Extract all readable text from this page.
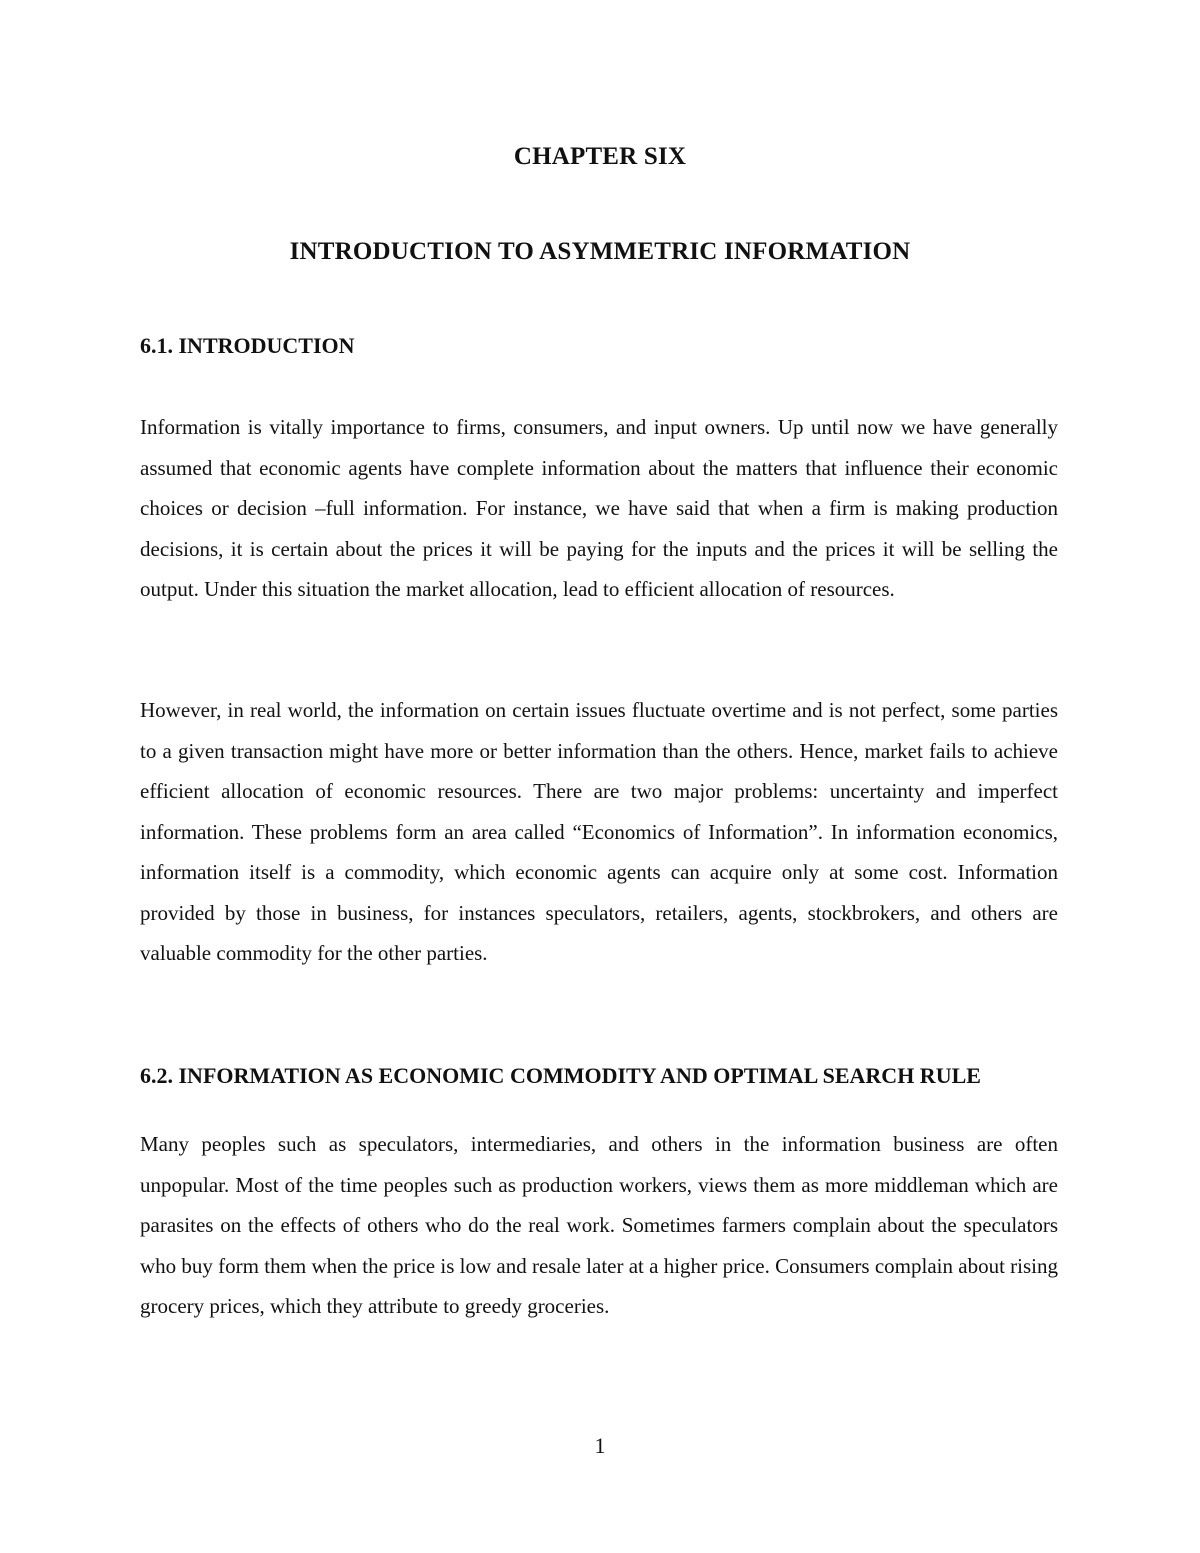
CHAPTER SIX
INTRODUCTION TO ASYMMETRIC INFORMATION
6.1. INTRODUCTION

Information is vitally importance to firms, consumers, and input owners. Up until now we have generally assumed that economic agents have complete information about the matters that influence their economic choices or decision –full information. For instance, we have said that when a firm is making production decisions, it is certain about the prices it will be paying for the inputs and the prices it will be selling the output. Under this situation the market allocation, lead to efficient allocation of resources.

However, in real world, the information on certain issues fluctuate overtime and is not perfect, some parties to a given transaction might have more or better information than the others. Hence, market fails to achieve efficient allocation of economic resources. There are two major problems: uncertainty and imperfect information. These problems form an area called “Economics of Information”. In information economics, information itself is a commodity, which economic agents can acquire only at some cost. Information provided by those in business, for instances speculators, retailers, agents, stockbrokers, and others are valuable commodity for the other parties.

6.2. INFORMATION AS ECONOMIC COMMODITY AND OPTIMAL SEARCH RULE

Many peoples such as speculators, intermediaries, and others in the information business are often unpopular. Most of the time peoples such as production workers, views them as more middleman which are parasites on the effects of others who do the real work. Sometimes farmers complain about the speculators who buy form them when the price is low and resale later at a higher price. Consumers complain about rising grocery prices, which they attribute to greedy groceries.

1
